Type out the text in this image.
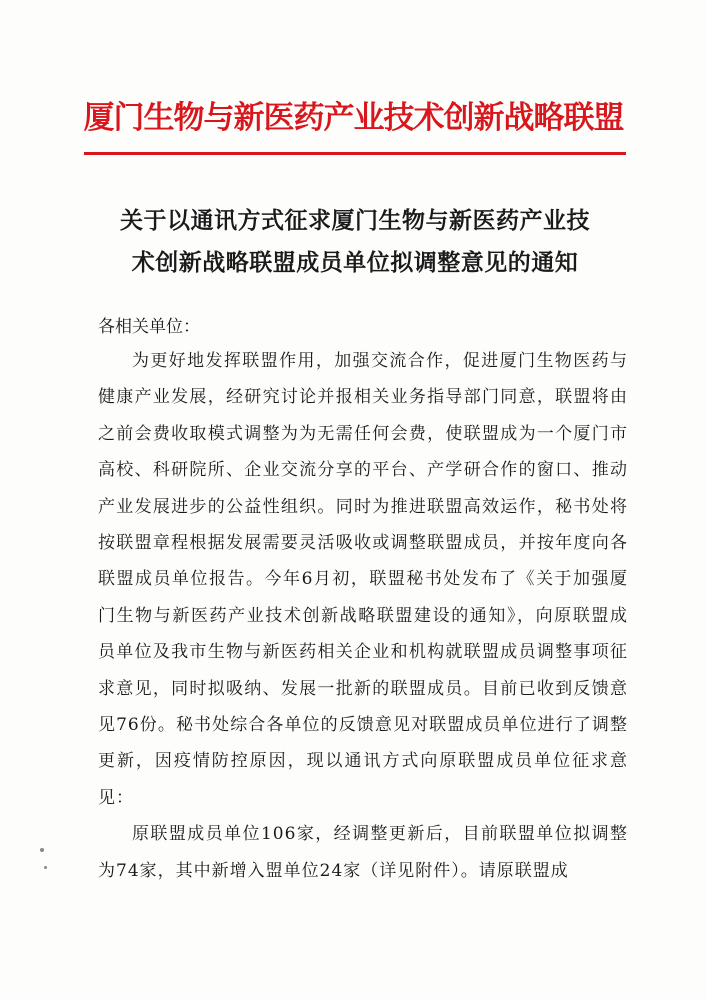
厦门生物与新医药产业技术创新战略联盟
关于以通讯方式征求厦门生物与新医药产业技
术创新战略联盟成员单位拟调整意见的通知
各相关单位：

为更好地发挥联盟作用，加强交流合作，促进厦门生物医药与健康产业发展，经研究讨论并报相关业务指导部门同意，联盟将由之前会费收取模式调整为为无需任何会费，使联盟成为一个厦门市高校、科研院所、企业交流分享的平台、产学研合作的窗口、推动产业发展进步的公益性组织。同时为推进联盟高效运作，秘书处将按联盟章程根据发展需要灵活吸收或调整联盟成员，并按年度向各联盟成员单位报告。今年6月初，联盟秘书处发布了《关于加强厦门生物与新医药产业技术创新战略联盟建设的通知》，向原联盟成员单位及我市生物与新医药相关企业和机构就联盟成员调整事项征求意见，同时拟吸纳、发展一批新的联盟成员。目前已收到反馈意见76份。秘书处综合各单位的反馈意见对联盟成员单位进行了调整更新，因疫情防控原因，现以通讯方式向原联盟成员单位征求意见：

原联盟成员单位106家，经调整更新后，目前联盟单位拟调整为74家，其中新增入盟单位24家（详见附件）。请原联盟成
